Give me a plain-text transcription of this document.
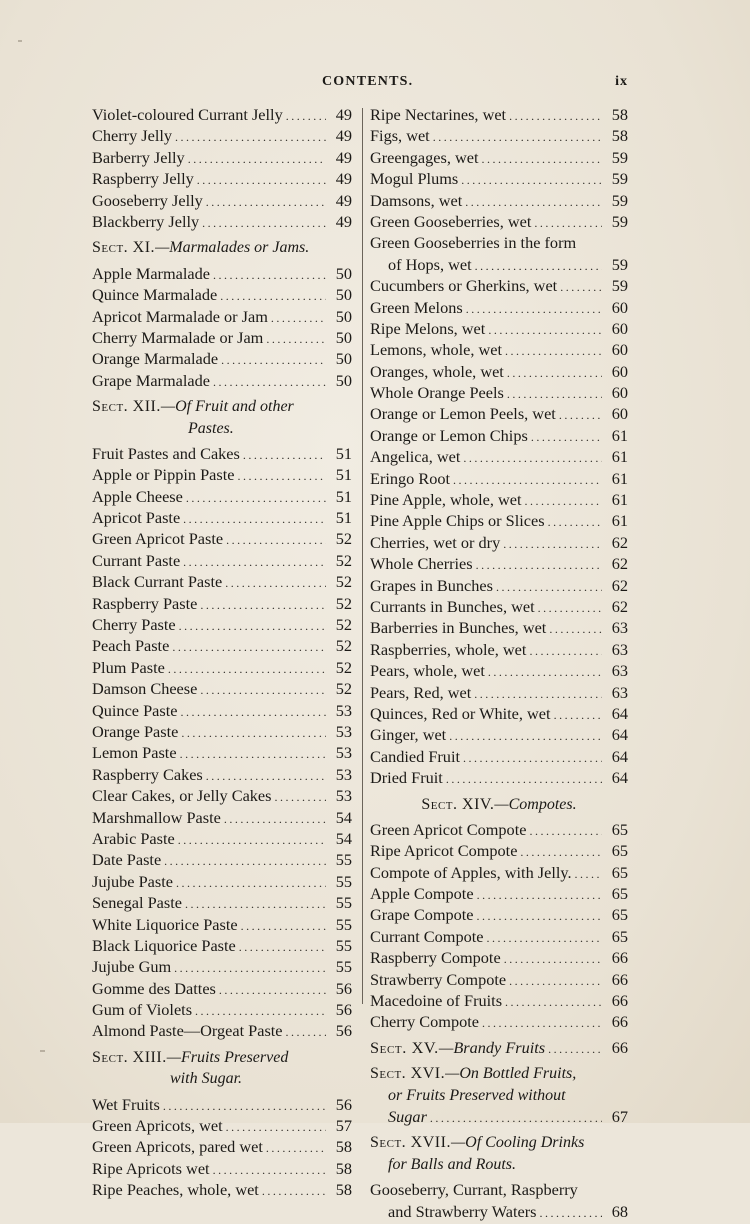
CONTENTS.	ix
Violet-coloured Currant Jelly .....	49
Cherry Jelly .....	49
Barberry Jelly .....	49
Raspberry Jelly .....	49
Gooseberry Jelly .....	49
Blackberry Jelly .....	49
Sect. XI.—Marmalades or Jams.
Apple Marmalade .....	50
Quince Marmalade .....	50
Apricot Marmalade or Jam .....	50
Cherry Marmalade or Jam .....	50
Orange Marmalade .....	50
Grape Marmalade .....	50
Sect. XII.—Of Fruit and other
Pastes.
Fruit Pastes and Cakes .....	51
Apple or Pippin Paste .....	51
Apple Cheese .....	51
Apricot Paste .....	51
Green Apricot Paste .....	52
Currant Paste .....	52
Black Currant Paste .....	52
Raspberry Paste .....	52
Cherry Paste .....	52
Peach Paste .....	52
Plum Paste .....	52
Damson Cheese .....	52
Quince Paste .....	53
Orange Paste .....	53
Lemon Paste .....	53
Raspberry Cakes .....	53
Clear Cakes, or Jelly Cakes .....	53
Marshmallow Paste .....	54
Arabic Paste .....	54
Date Paste .....	55
Jujube Paste .....	55
Senegal Paste .....	55
White Liquorice Paste .....	55
Black Liquorice Paste .....	55
Jujube Gum .....	55
Gomme des Dattes .....	56
Gum of Violets .....	56
Almond Paste—Orgeat Paste .....	56
Sect. XIII.—Fruits Preserved
with Sugar.
Wet Fruits .....	56
Green Apricots, wet .....	57
Green Apricots, pared wet .....	58
Ripe Apricots wet .....	58
Ripe Peaches, whole, wet .....	58
Ripe Nectarines, wet .....	58
Figs, wet .....	58
Greengages, wet .....	59
Mogul Plums .....	59
Damsons, wet .....	59
Green Gooseberries, wet .....	59
Green Gooseberries in the form
of Hops, wet .....	59
Cucumbers or Gherkins, wet .....	59
Green Melons .....	60
Ripe Melons, wet .....	60
Lemons, whole, wet .....	60
Oranges, whole, wet .....	60
Whole Orange Peels .....	60
Orange or Lemon Peels, wet .....	60
Orange or Lemon Chips .....	61
Angelica, wet .....	61
Eringo Root .....	61
Pine Apple, whole, wet .....	61
Pine Apple Chips or Slices .....	61
Cherries, wet or dry .....	62
Whole Cherries .....	62
Grapes in Bunches .....	62
Currants in Bunches, wet .....	62
Barberries in Bunches, wet .....	63
Raspberries, whole, wet .....	63
Pears, whole, wet .....	63
Pears, Red, wet .....	63
Quinces, Red or White, wet .....	64
Ginger, wet .....	64
Candied Fruit .....	64
Dried Fruit .....	64
Sect. XIV.—Compotes.
Green Apricot Compote .....	65
Ripe Apricot Compote .....	65
Compote of Apples, with Jelly. .....	65
Apple Compote .....	65
Grape Compote .....	65
Currant Compote .....	65
Raspberry Compote .....	66
Strawberry Compote .....	66
Macedoine of Fruits .....	66
Cherry Compote .....	66
Sect. XV.—Brandy Fruits .....	66
Sect. XVI.—On Bottled Fruits,
or Fruits Preserved without
Sugar .....	67
Sect. XVII.—Of Cooling Drinks
for Balls and Routs.
Gooseberry, Currant, Raspberry
and Strawberry Waters .....	68
